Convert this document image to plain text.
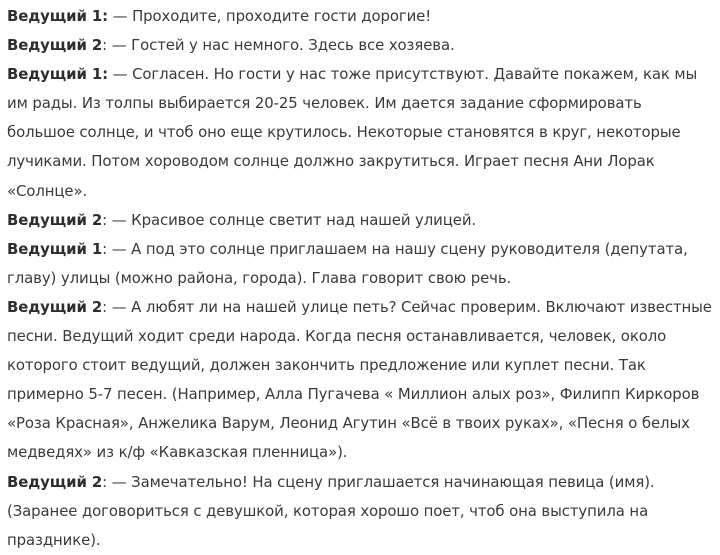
Ведущий 1: — Проходите, проходите гости дорогие!

Ведущий 2: — Гостей у нас немного. Здесь все хозяева.

Ведущий 1: — Согласен. Но гости у нас тоже присутствуют. Давайте покажем, как мы им рады. Из толпы выбирается 20-25 человек. Им дается задание сформировать большое солнце, и чтоб оно еще крутилось. Некоторые становятся в круг, некоторые лучиками. Потом хороводом солнце должно закрутиться. Играет песня Ани Лорак «Солнце».

Ведущий 2: — Красивое солнце светит над нашей улицей.

Ведущий 1: — А под это солнце приглашаем на нашу сцену руководителя (депутата, главу) улицы (можно района, города). Глава говорит свою речь.

Ведущий 2: — А любят ли на нашей улице петь? Сейчас проверим. Включают известные песни. Ведущий ходит среди народа. Когда песня останавливается, человек, около которого стоит ведущий, должен закончить предложение или куплет песни. Так примерно 5-7 песен. (Например, Алла Пугачева « Миллион алых роз», Филипп Киркоров «Роза Красная», Анжелика Варум, Леонид Агутин «Всё в твоих руках», «Песня о белых медведях» из к/ф «Кавказская пленница»).

Ведущий 2: — Замечательно! На сцену приглашается начинающая певица (имя). (Заранее договориться с девушкой, которая хорошо поет, чтоб она выступила на празднике).
